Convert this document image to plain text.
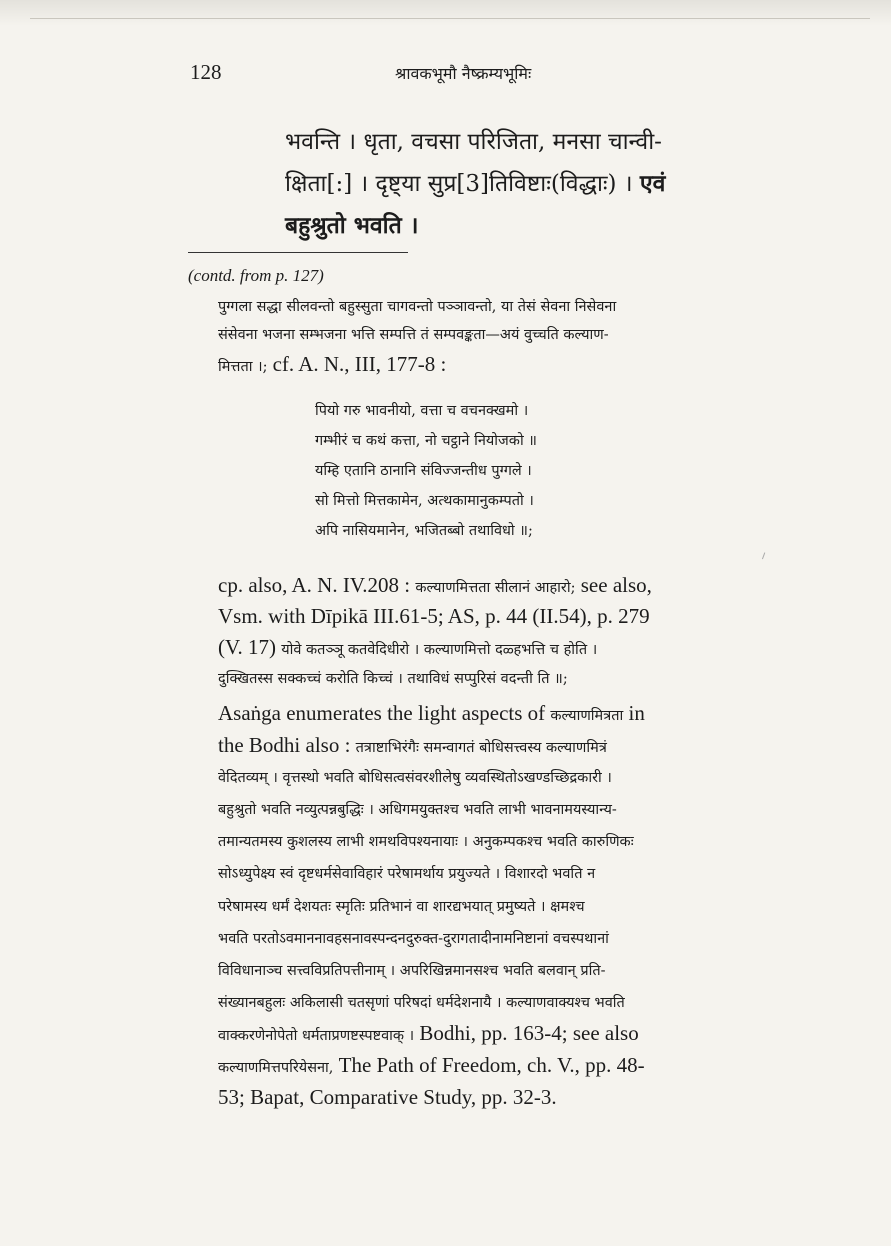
128	श्रावकभूमौ नैष्क्रम्यभूमिः

भवन्ति । धृता, वचसा परिजिता, मनसा चान्वी-
क्षिता[:] । दृष्ट्या सुप्र[3]तिविष्टाः(विद्धाः) । एवं
बहुश्रुतो भवति ।

(contd. from p. 127)
पुग्गला सद्धा सीलवन्तो बहुस्सुता चागवन्तो पञ्ञावन्तो, या तेसं सेवना निसेवना
संसेवना भजना सम्भजना भत्ति सम्पत्ति तं सम्पवङ्कता—अयं वुच्चति कल्याण-
मित्तता ।; cf. A. N., III, 177-8 :
पियो गरु भावनीयो, वत्ता च वचनक्खमो ।
गम्भीरं च कथं कत्ता, नो चट्ठाने नियोजको ॥
यम्हि एतानि ठानानि संविज्जन्तीध पुग्गले ।
सो मित्तो मित्तकामेन, अत्थकामानुकम्पतो ।
अपि नासियमानेन, भजितब्बो तथाविधो ॥;
cp. also, A. N. IV.208 : कल्याणमित्तता सीलानं आहारो; see also,
Vsm. with Dīpikā III.61-5; AS, p. 44 (II.54), p. 279
(V. 17) योवे कतञ्ञू कतवेदिधीरो । कल्याणमित्तो दळ्हभत्ति च होति ।
दुक्खितस्स सक्कच्चं करोति किच्चं । तथाविधं सप्पुरिसं वदन्ती ति ॥;
Asaṅga enumerates the light aspects of कल्याणमित्रता in
the Bodhi also : तत्राष्टाभिरंगैः समन्वागतं बोधिसत्त्वस्य कल्याणमित्रं
वेदितव्यम् । वृत्तस्थो भवति बोधिसत्वसंवरशीलेषु व्यवस्थितोऽखण्डच्छिद्रकारी ।
बहुश्रुतो भवति नव्युत्पन्नबुद्धिः । अधिगमयुक्तश्च भवति लाभी भावनामयस्यान्य-
तमान्यतमस्य कुशलस्य लाभी शमथविपश्यनायाः । अनुकम्पकश्च भवति कारुणिकः
सोऽध्युपेक्ष्य स्वं दृष्टधर्मसेवाविहारं परेषामर्थाय प्रयुज्यते । विशारदो भवति न
परेषामस्य धर्मं देशयतः स्मृतिः प्रतिभानं वा शारद्यभयात् प्रमुष्यते । क्षमश्च
भवति परतोऽवमाननावहसनावस्पन्दनदुरुक्त-दुरागतादीनामनिष्टानां वचस्पथानां
विविधानाञ्च सत्त्वविप्रतिपत्तीनाम् । अपरिखिन्नमानसश्च भवति बलवान् प्रति-
संख्यानबहुलः अकिलासी चतसृणां परिषदां धर्मदेशनायै । कल्याणवाक्यश्च भवति
वाक्करणेनोपेतो धर्मताप्रणष्टस्पष्टवाक् । Bodhi, pp. 163-4; see also
कल्याणमित्तपरियेसना, The Path of Freedom, ch. V., pp. 48-
53; Bapat, Comparative Study, pp. 32-3.
